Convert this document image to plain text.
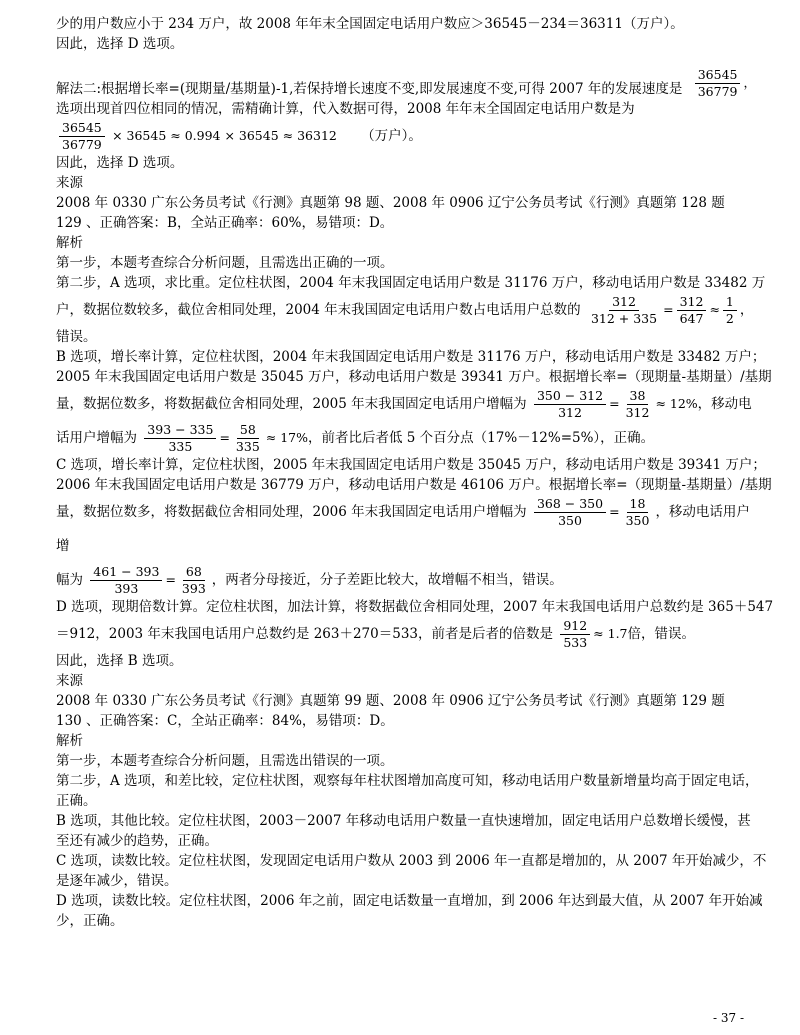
少的用户数应小于 234 万户，故 2008 年年末全国固定电话用户数应＞36545－234＝36311（万户）。
因此，选择 D 选项。
$\frac{36545}{36779}$ ，
解法二:根据增长率=(现期量/基期量)-1,若保持增长速度不变,即发展速度不变,可得 2007 年的发展速度是
选项出现首四位相同的情况，需精确计算，代入数据可得，2008 年年末全国固定电话用户数是为
$\frac{36545}{36779} \times 36545 \approx 0.994 \times 36545 \approx 36312$ （万户）。
因此，选择 D 选项。
来源
2008 年 0330 广东公务员考试《行测》真题第 98 题、2008 年 0906 辽宁公务员考试《行测》真题第 128 题
129 、正确答案：B，全站正确率：60%，易错项：D。
解析
第一步，本题考查综合分析问题，且需选出正确的一项。
第二步，A 选项，求比重。定位柱状图，2004 年末我国固定电话用户数是 31176 万户，移动电话用户数是 33482 万
户，数据位数较多，截位舍相同处理，2004 年末我国固定电话用户数占电话用户总数的 $\frac{312}{312 + 335} = \frac{312}{647} \approx \frac{1}{2}$ ，
错误。
B 选项，增长率计算，定位柱状图，2004 年末我国固定电话用户数是 31176 万户，移动电话用户数是 33482 万户；
2005 年末我国固定电话用户数是 35045 万户，移动电话用户数是 39341 万户。根据增长率=（现期量-基期量）/基期
量，数据位数多，将数据截位舍相同处理，2005 年末我国固定电话用户增幅为 $\frac{350 - 312}{312} = \frac{38}{312} \approx 12\%$，移动电
话用户增幅为 $\frac{393 - 335}{335} = \frac{58}{335} \approx 17\%$，前者比后者低 5 个百分点（17%－12%=5%），正确。
C 选项，增长率计算，定位柱状图，2005 年末我国固定电话用户数是 35045 万户，移动电话用户数是 39341 万户；
2006 年末我国固定电话用户数是 36779 万户，移动电话用户数是 46106 万户。根据增长率=（现期量-基期量）/基期
量，数据位数多，将数据截位舍相同处理，2006 年末我国固定电话用户增幅为 $\frac{368 - 350}{350} = \frac{18}{350}$ ，移动电话用户增
幅为 $\frac{461 - 393}{393} = \frac{68}{393}$ ，两者分母接近，分子差距比较大，故增幅不相当，错误。
D 选项，现期倍数计算。定位柱状图，加法计算，将数据截位舍相同处理，2007 年末我国电话用户总数约是 365＋547
＝912，2003 年末我国电话用户总数约是 263＋270＝533，前者是后者的倍数是 $\frac{912}{533} \approx 1.7$倍，错误。
因此，选择 B 选项。
来源
2008 年 0330 广东公务员考试《行测》真题第 99 题、2008 年 0906 辽宁公务员考试《行测》真题第 129 题
130 、正确答案：C，全站正确率：84%，易错项：D。
解析
第一步，本题考查综合分析问题，且需选出错误的一项。
第二步，A 选项，和差比较，定位柱状图，观察每年柱状图增加高度可知，移动电话用户数量新增量均高于固定电话，
正确。
B 选项，其他比较。定位柱状图，2003－2007 年移动电话用户数量一直快速增加，固定电话用户总数增长缓慢，甚
至还有减少的趋势，正确。
C 选项，读数比较。定位柱状图，发现固定电话用户数从 2003 到 2006 年一直都是增加的，从 2007 年开始减少，不
是逐年减少，错误。
D 选项，读数比较。定位柱状图，2006 年之前，固定电话数量一直增加，到 2006 年达到最大值，从 2007 年开始减
少，正确。
- 37 -
